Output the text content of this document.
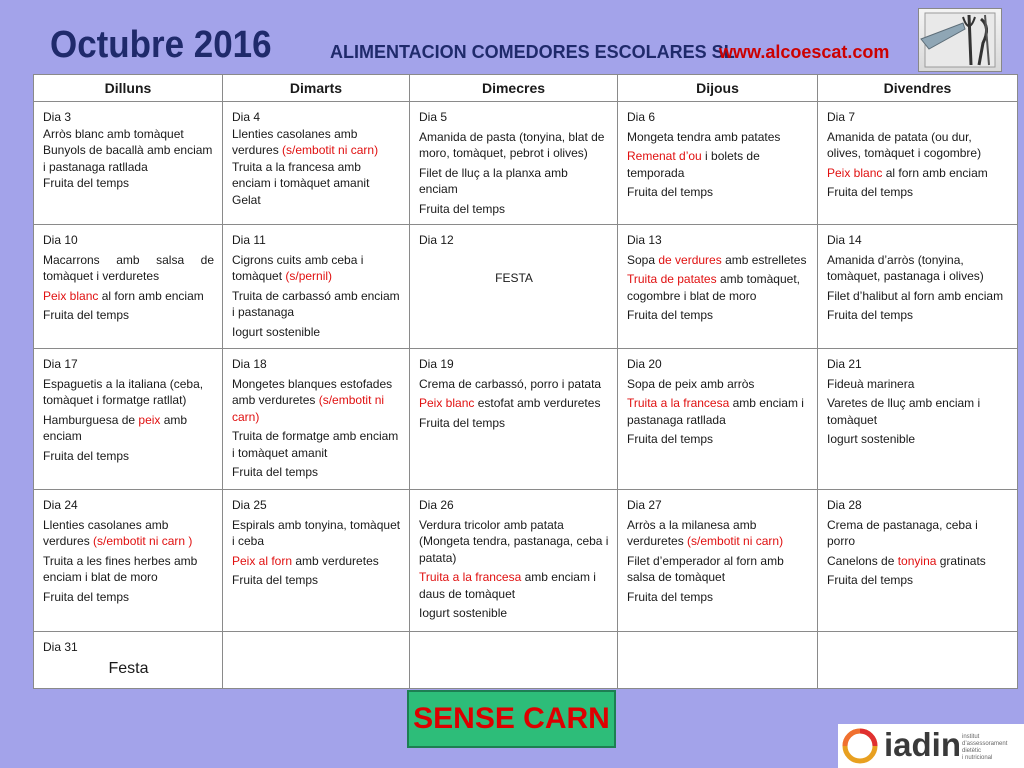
Octubre 2016	ALIMENTACION COMEDORES ESCOLARES SL
www.alcoescat.com
Dilluns	Dimarts	Dimecres	Dijous	Divendres

Dia 3
Arròs blanc amb tomàquet
Bunyols de bacallà amb enciam i pastanaga ratllada
Fruita del temps	Dia 4
Llenties casolanes amb verdures (s/embotit ni carn)
Truita a la francesa amb enciam i tomàquet amanit
Gelat	Dia 5
Amanida de pasta (tonyina, blat de moro, tomàquet, pebrot i olives)
Filet de lluç a la planxa amb enciam
Fruita del temps	Dia 6
Mongeta tendra amb patates
Remenat d’ou i bolets de temporada
Fruita del temps	Dia 7
Amanida de patata (ou dur, olives, tomàquet i cogombre)
Peix blanc al forn amb enciam
Fruita del temps

Dia 10
Macarrons amb salsa de tomàquet i verduretes
Peix blanc al forn amb enciam
Fruita del temps	Dia 11
Cigrons cuits amb ceba i tomàquet (s/pernil)
Truita de carbassó amb enciam i pastanaga
Iogurt sostenible	Dia 12
FESTA	Dia 13
Sopa de verdures amb estrelletes
Truita de patates amb tomàquet, cogombre i blat de moro
Fruita del temps	Dia 14
Amanida d’arròs (tonyina, tomàquet, pastanaga i olives)
Filet d’halibut al forn amb enciam
Fruita del temps

Dia 17
Espaguetis a la italiana (ceba, tomàquet i formatge ratllat)
Hamburguesa de peix amb enciam
Fruita del temps	Dia 18
Mongetes blanques estofades amb verduretes (s/embotit ni carn)
Truita de formatge amb enciam i tomàquet amanit
Fruita del temps	Dia 19
Crema de carbassó, porro i patata
Peix blanc estofat amb verduretes
Fruita del temps	Dia 20
Sopa de peix amb arròs
Truita a la francesa amb enciam i pastanaga ratllada
Fruita del temps	Dia 21
Fideuà marinera
Varetes de lluç amb enciam i tomàquet
Iogurt sostenible

Dia 24
Llenties casolanes amb verdures (s/embotit ni carn )
Truita a les fines herbes amb enciam i blat de moro
Fruita del temps	Dia 25
Espirals amb tonyina, tomàquet i ceba
Peix al forn amb verduretes
Fruita del temps	Dia 26
Verdura tricolor amb patata (Mongeta tendra, pastanaga, ceba i patata)
Truita a la francesa amb enciam i daus de tomàquet
Iogurt sostenible	Dia 27
Arròs a la milanesa amb verduretes (s/embotit ni carn)
Filet d’emperador al forn amb salsa de tomàquet
Fruita del temps	Dia 28
Crema de pastanaga, ceba i porro
Canelons de tonyina gratinats
Fruita del temps

Dia 31
Festa				

SENSE CARN
iadin institut
d’assessorament
dietètic
i nutricional
